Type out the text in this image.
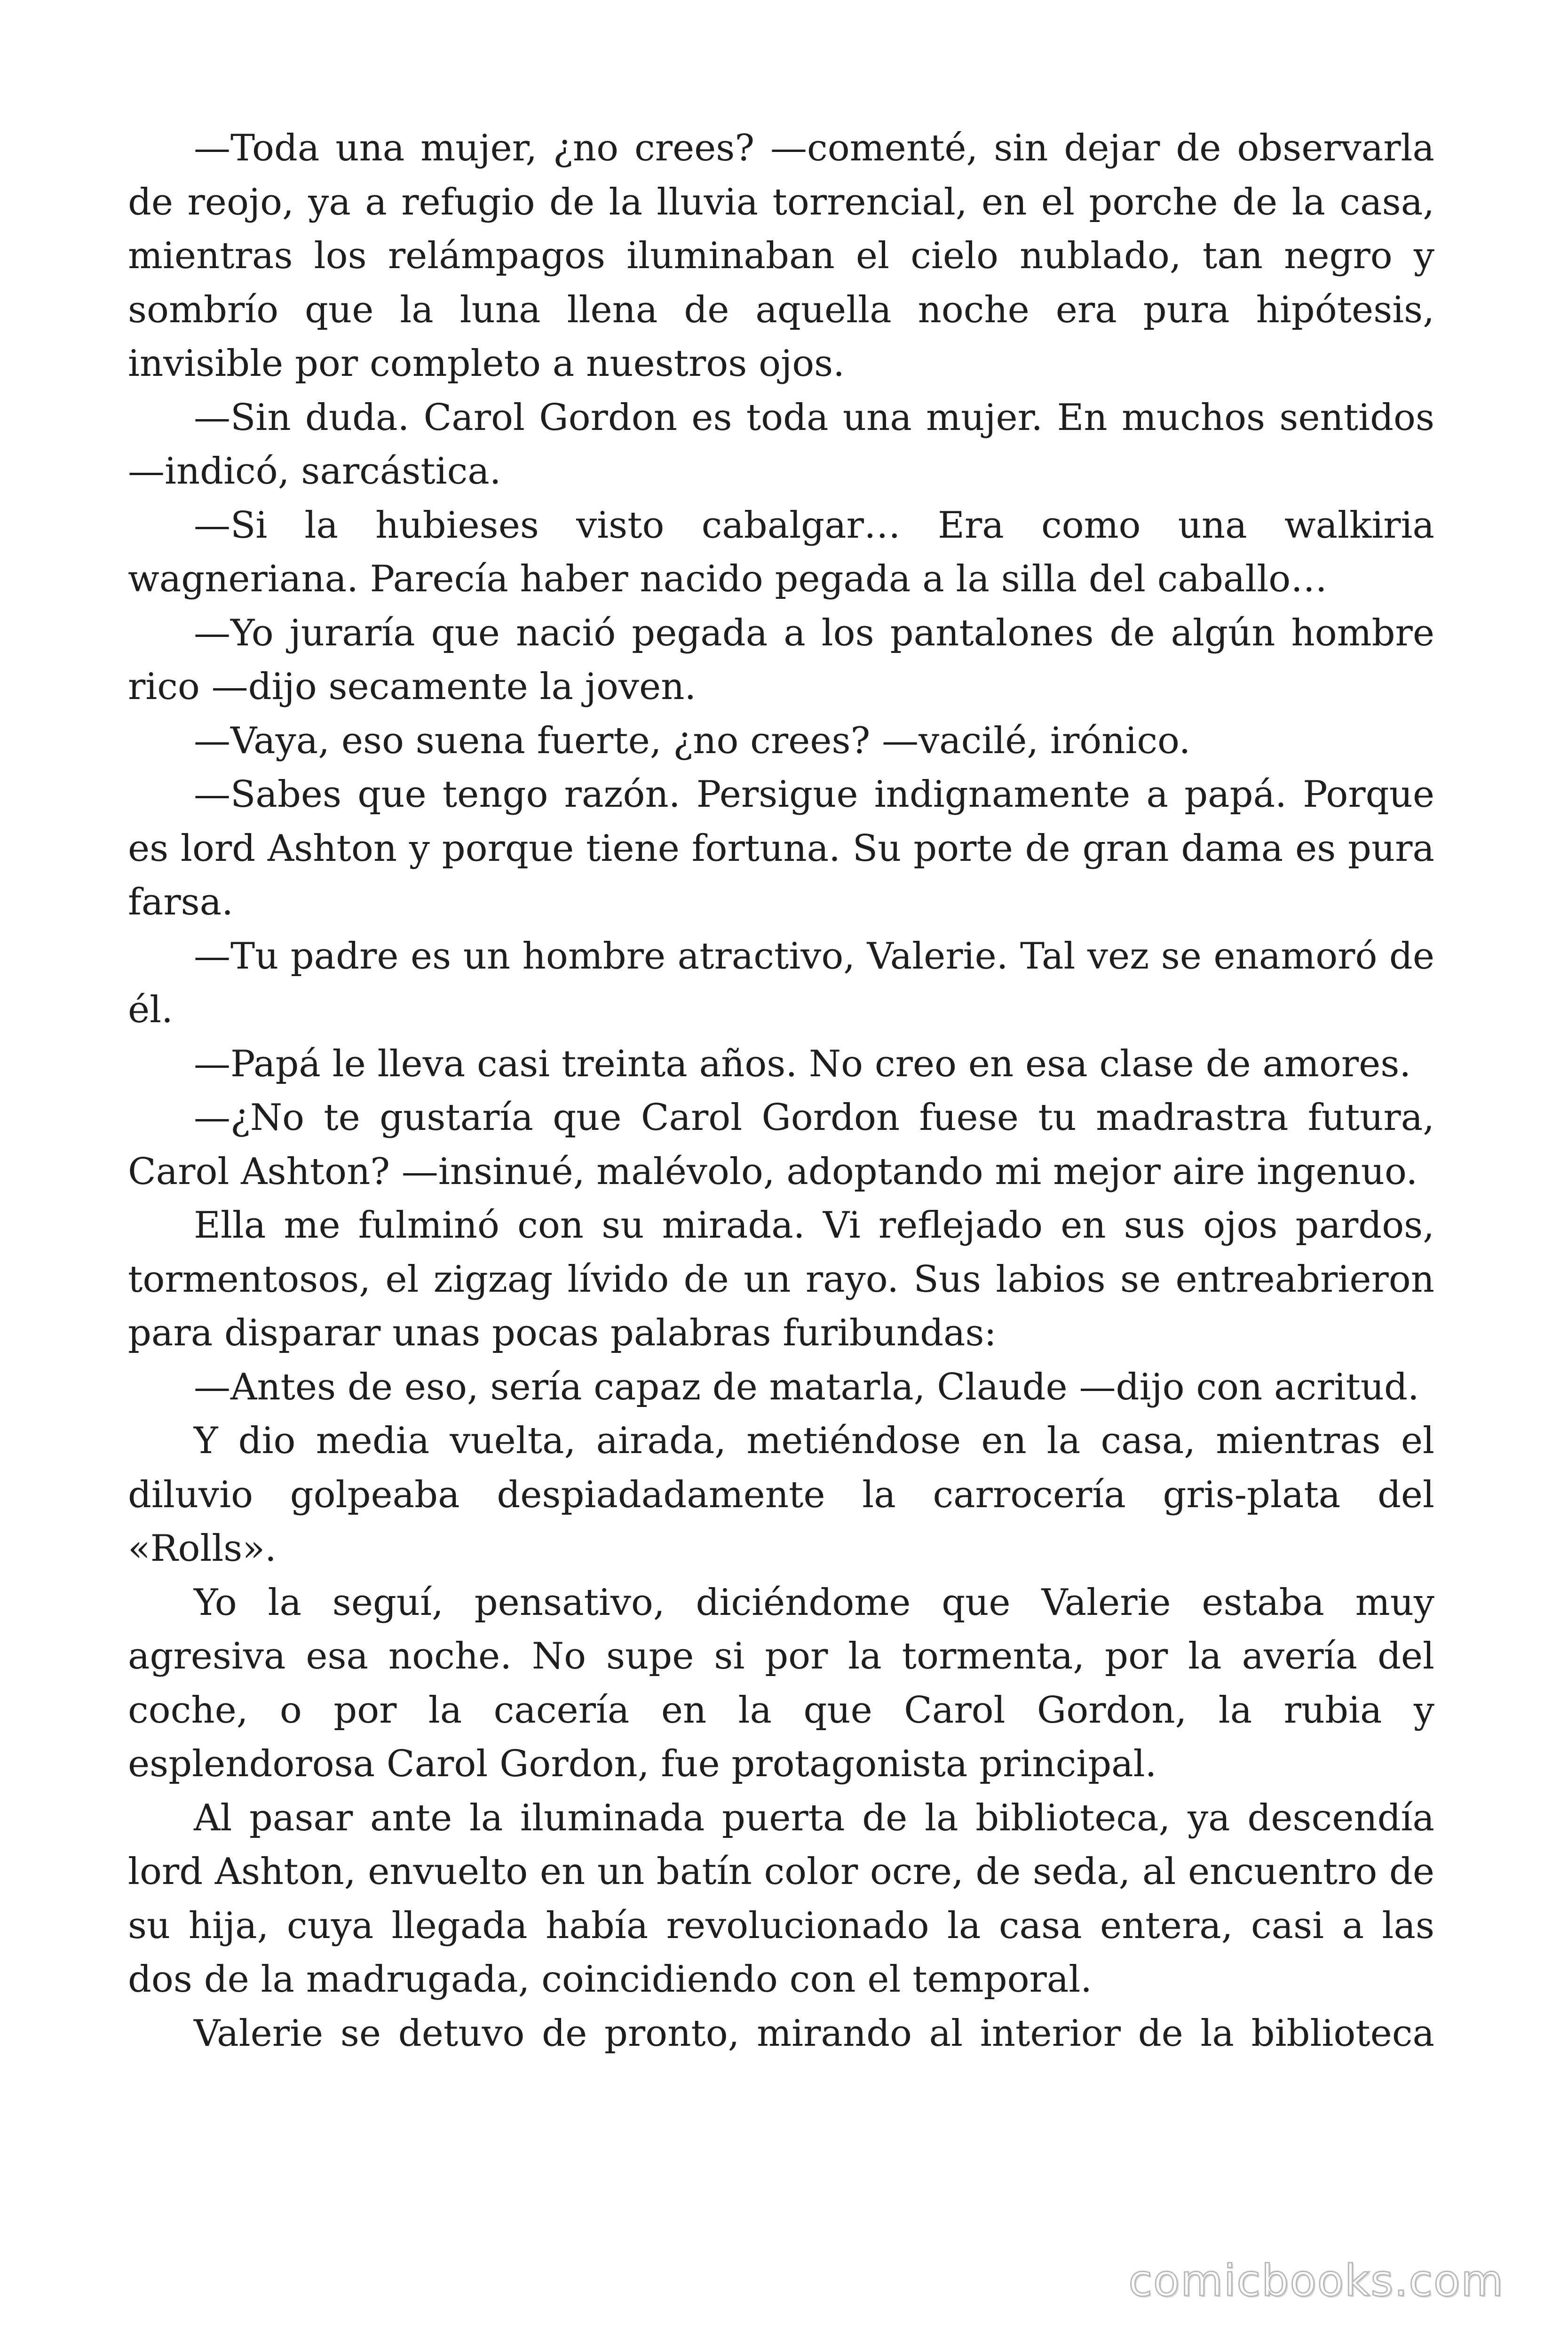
—Toda una mujer, ¿no crees? —comenté, sin dejar de observarla de reojo, ya a refugio de la lluvia torrencial, en el porche de la casa, mientras los relámpagos iluminaban el cielo nublado, tan negro y sombrío que la luna llena de aquella noche era pura hipótesis, invisible por completo a nuestros ojos.

—Sin duda. Carol Gordon es toda una mujer. En muchos sentidos —indicó, sarcástica.

—Si la hubieses visto cabalgar… Era como una walkiria wagneriana. Parecía haber nacido pegada a la silla del caballo…

—Yo juraría que nació pegada a los pantalones de algún hombre rico —dijo secamente la joven.

—Vaya, eso suena fuerte, ¿no crees? —vacilé, irónico.

—Sabes que tengo razón. Persigue indignamente a papá. Porque es lord Ashton y porque tiene fortuna. Su porte de gran dama es pura farsa.

—Tu padre es un hombre atractivo, Valerie. Tal vez se enamoró de él.

—Papá le lleva casi treinta años. No creo en esa clase de amores.

—¿No te gustaría que Carol Gordon fuese tu madrastra futura, Carol Ashton? —insinué, malévolo, adoptando mi mejor aire ingenuo.

Ella me fulminó con su mirada. Vi reflejado en sus ojos pardos, tormentosos, el zigzag lívido de un rayo. Sus labios se entreabrieron para disparar unas pocas palabras furibundas:

—Antes de eso, sería capaz de matarla, Claude —dijo con acritud.

Y dio media vuelta, airada, metiéndose en la casa, mientras el diluvio golpeaba despiadadamente la carrocería gris-plata del «Rolls».

Yo la seguí, pensativo, diciéndome que Valerie estaba muy agresiva esa noche. No supe si por la tormenta, por la avería del coche, o por la cacería en la que Carol Gordon, la rubia y esplendorosa Carol Gordon, fue protagonista principal.

Al pasar ante la iluminada puerta de la biblioteca, ya descendía lord Ashton, envuelto en un batín color ocre, de seda, al encuentro de su hija, cuya llegada había revolucionado la casa entera, casi a las dos de la madrugada, coincidiendo con el temporal.

Valerie se detuvo de pronto, mirando al interior de la biblioteca

comicbooks.com
